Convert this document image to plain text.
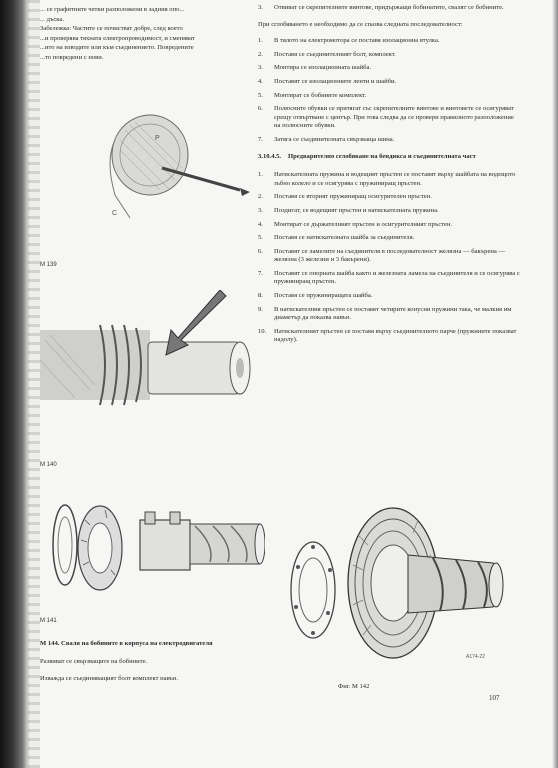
... се графитните четки разположени в задния опо...

... дъска.

Забележка: Частите се почистват добре, след което

...и проверява тяхната електропроводимост, и сменяват

...ито на изводите или към съединението. Повредените

...то повредени с нови.

P
C
М 139
М 140
М 141

М 144. Сваля на бобините в корпуса на електродвигателя

Развиват се свързващите на бобините.

Изважда се съединяващият болт комплект навън.

3.	Отвиват се скрепителните винтове, придържащи бобинатите, свалят се бобините.

При сглобяването е необходимо да се спазва следната последователност:

1.	В тялото на електромотора се поставя изолационна втулка.
2.	Поставя се съединителният болт, комплект.
3.	Монтира се изолационната шайба.
4.	Поставят се изолационните ленти и шайби.
5.	Монтират се бобините комплект.
6.	Полюсните обувки се притягат със скрепителните винтове и винтовете се осигуряват срещу отвъртване с център. При това следва да се провери правилното разположение на полюсните обувки.
7.	Затяга се съединителната свързваща шина.
3.10.4.5.	Предварително сглобяване на бендикса и съединителната част
1.	Натискателната пружина и водещият пръстен се поставят върху шайбата на водещото зъбно колело и се осигурява с пружиниращ пръстен.
2.	Поставя се вторият пружиниращ осигурителен пръстен.
3.	Поздигат, се водещият пръстен и натискателната пружина.
4.	Монтират се държателният пръстен и осигурителният пръстен.
5.	Поставя се натискателната шайба за съединителя.
6.	Поставят се ламелите на съединителя в последователност желязна — бакърена — желязна (3 железни и 3 бакърени).
7.	Поставят се опорната шайба както и железната ламела на съединителя и се осигурява с пружиниращ пръстен.
8.	Поставя се пружиниращата шайба.
9.	В натискателния пръстен се поставят четирите конусни пружини така, че малкия им диаметър да показва навън.
10.	Натискателният пръстен се поставя върху съединителното парче (пружините показват надолу).
А174-22
Фиг. М 142
107
